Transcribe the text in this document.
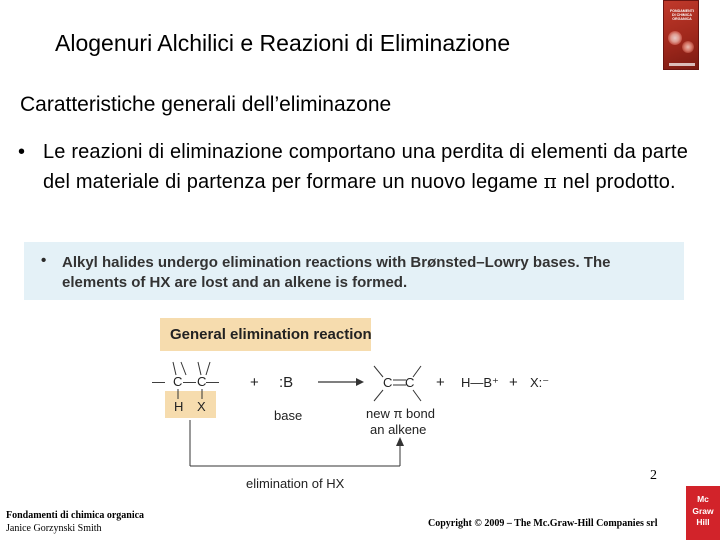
Alogenuri Alchilici e Reazioni di Eliminazione
FONDAMENTI
DI CHIMICA
ORGANICA
Caratteristiche generali dell’eliminazone
• Le reazioni di eliminazione comportano una perdita di elementi da parte del materiale di partenza per formare un nuovo legame π nel prodotto.
• Alkyl halides undergo elimination reactions with Brønsted–Lowry bases. The elements of HX are lost and an alkene is formed.
General elimination reaction
— C — C —
H X
+ :B
base
C C + H—B⁺ + X:⁻
new π bond
an alkene
elimination of HX
Fondamenti di chimica organica
Janice Gorzynski Smith
2
Copyright © 2009 – The Mc.Graw-Hill Companies srl
Mc
Graw
Hill
